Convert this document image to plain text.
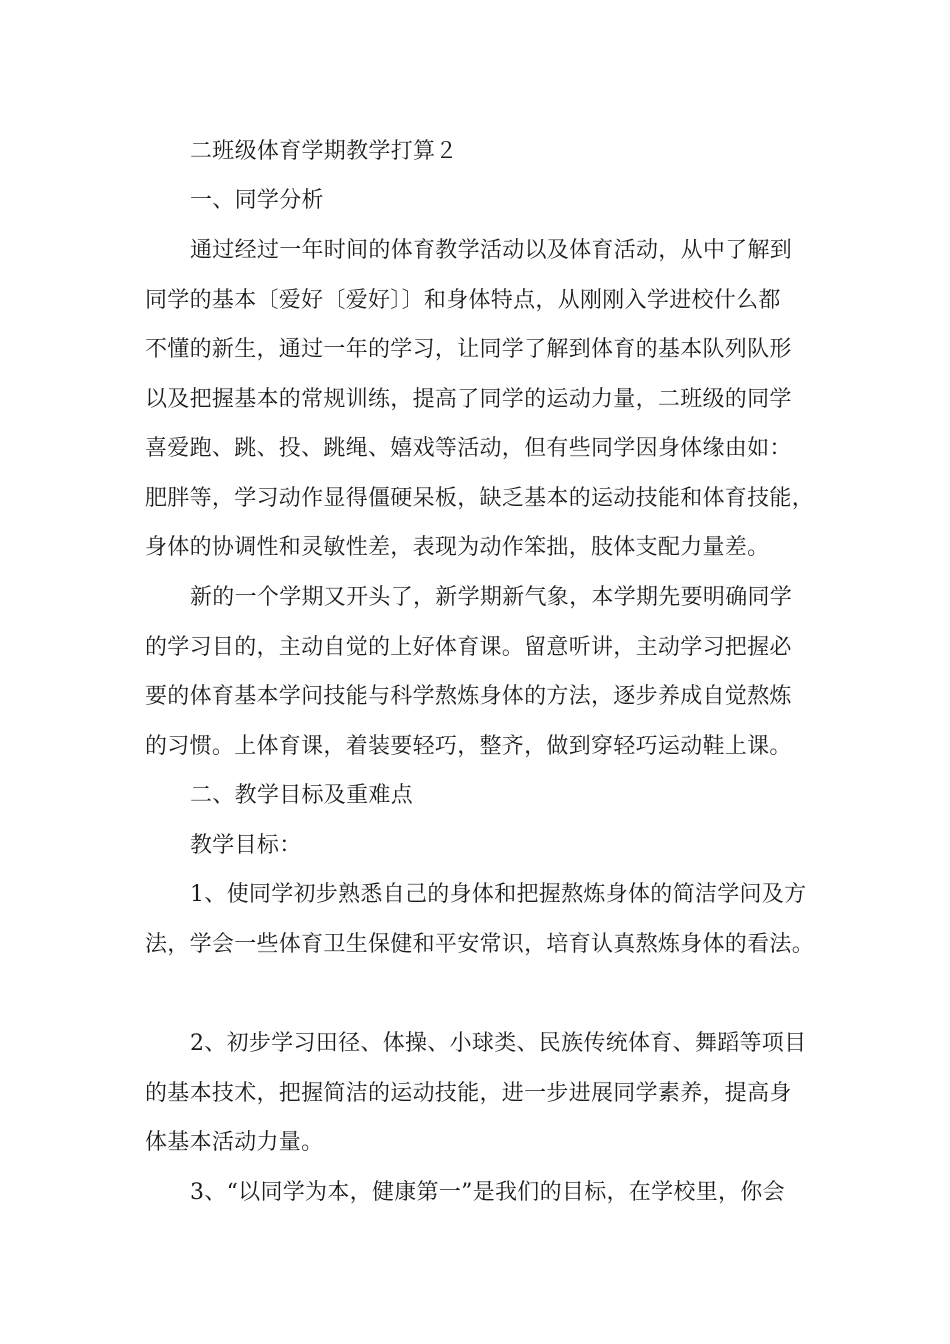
二班级体育学期教学打算２
一、同学分析
通过经过一年时间的体育教学活动以及体育活动，从中了解到
同学的基本〔爱好〔爱好〕〕和身体特点，从刚刚入学进校什么都
不懂的新生，通过一年的学习，让同学了解到体育的基本队列队形
以及把握基本的常规训练，提高了同学的运动力量，二班级的同学
喜爱跑、跳、投、跳绳、嬉戏等活动，但有些同学因身体缘由如：
肥胖等，学习动作显得僵硬呆板，缺乏基本的运动技能和体育技能，
身体的协调性和灵敏性差，表现为动作笨拙，肢体支配力量差。
新的一个学期又开头了，新学期新气象，本学期先要明确同学
的学习目的，主动自觉的上好体育课。留意听讲，主动学习把握必
要的体育基本学问技能与科学熬炼身体的方法，逐步养成自觉熬炼
的习惯。上体育课，着装要轻巧，整齐，做到穿轻巧运动鞋上课。
二、教学目标及重难点
教学目标：
1、使同学初步熟悉自己的身体和把握熬炼身体的简洁学问及方
法，学会一些体育卫生保健和平安常识，培育认真熬炼身体的看法。
2、初步学习田径、体操、小球类、民族传统体育、舞蹈等项目
的基本技术，把握简洁的运动技能，进一步进展同学素养，提高身
体基本活动力量。
3、“以同学为本，健康第一”是我们的目标，在学校里，你会
